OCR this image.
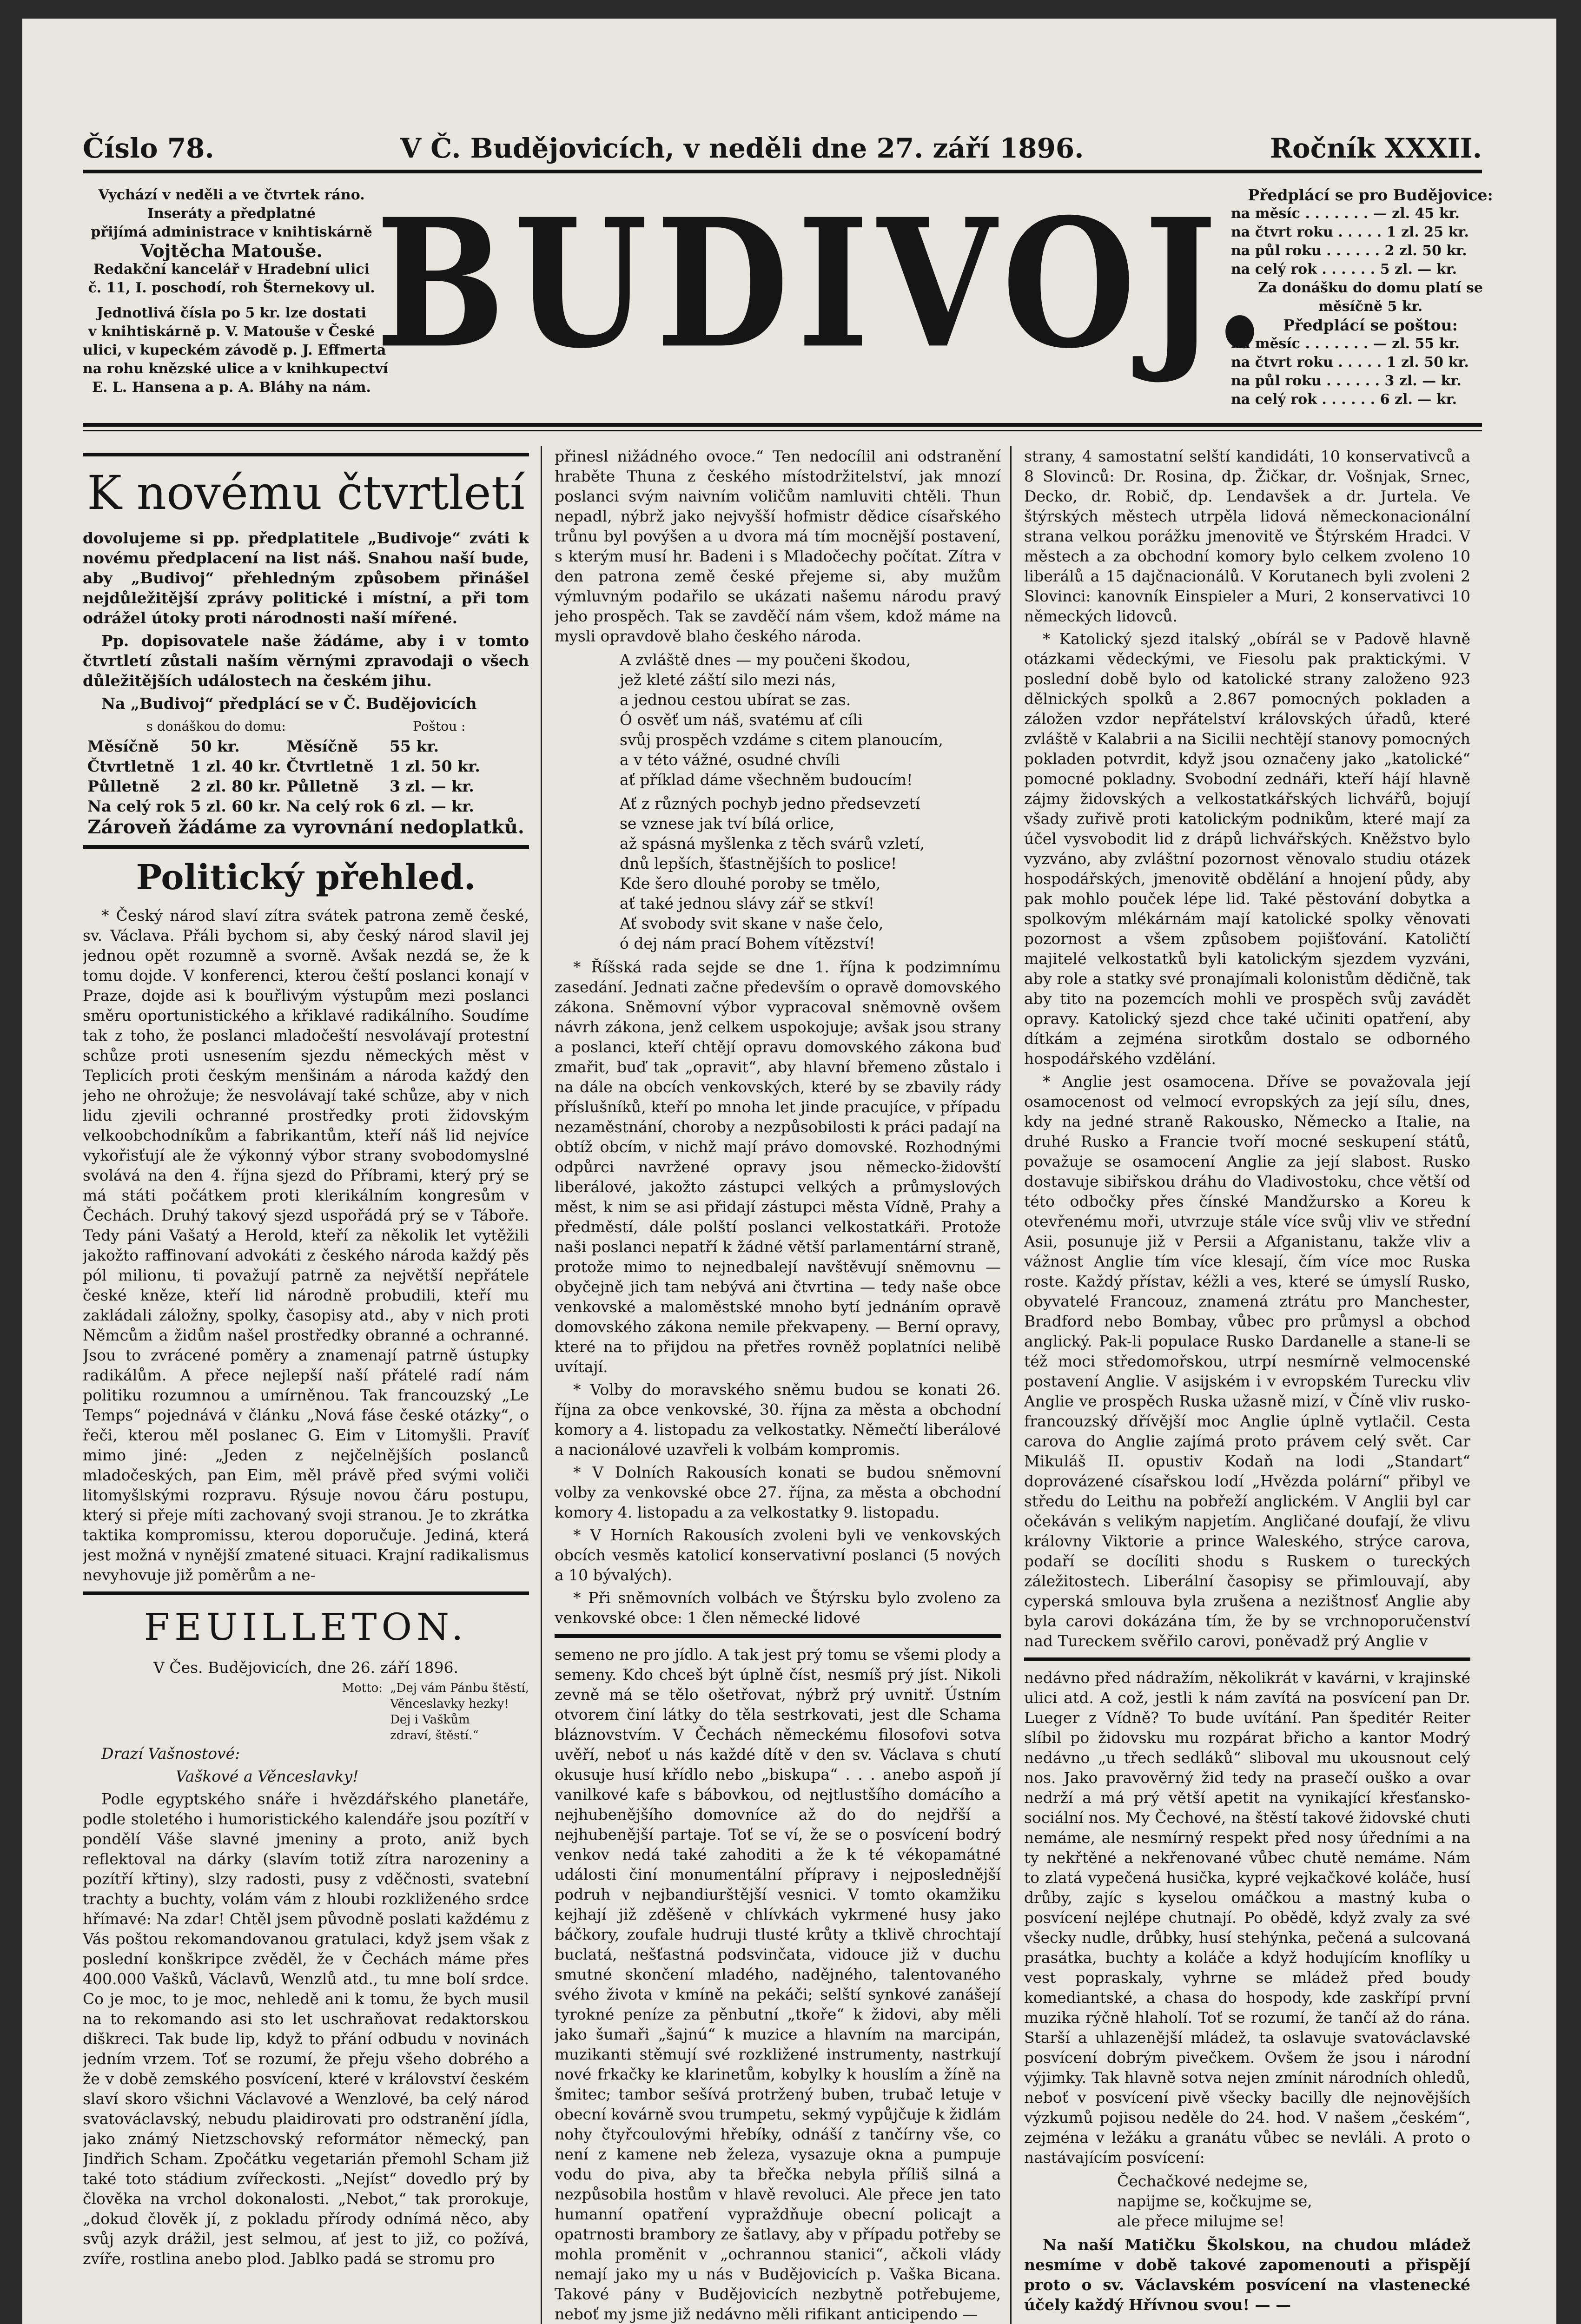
Číslo 78.	V Č. Budějovicích, v neděli dne 27. září 1896.	Ročník XXXII.
Vychází v neděli a ve čtvrtek ráno.
Inseráty a předplatné
přijímá administrace v knihtiskárně
Vojtěcha Matouše.
Redakční kancelář v Hradební ulici
č. 11, I. poschodí, roh Šternekovy ul.
Jednotlivá čísla po 5 kr. lze dostati
v knihtiskárně p. V. Matouše v České
ulici, v kupeckém závodě p. J. Effmerta
na rohu knězské ulice a v knihkupectví
E. L. Hansena a p. A. Bláhy na nám.
BUDIVOJ.
Předplácí se pro Budějovice:
na měsíc . . . . . . . — zl. 45 kr.
na čtvrt roku . . . . . 1 zl. 25 kr.
na půl roku . . . . . . 2 zl. 50 kr.
na celý rok . . . . . . 5 zl. — kr.
Za donášku do domu platí se
měsíčně 5 kr.
Předplácí se poštou:
na měsíc . . . . . . . — zl. 55 kr.
na čtvrt roku . . . . . 1 zl. 50 kr.
na půl roku . . . . . . 3 zl. — kr.
na celý rok . . . . . . 6 zl. — kr.
K novému čtvrtletí

dovolujeme si pp. předplatitele „Budivoje“ zváti k novému předplacení na list náš. Snahou naší bude, aby „Budivoj“ přehledným způsobem přinášel nejdůležitější zprávy politické i místní, a při tom odrážel útoky proti národnosti naší mířené.

Pp. dopisovatele naše žádáme, aby i v tomto čtvrtletí zůstali naším věrnými zpravodaji o všech důležitějších událostech na českém jihu.

Na „Budivoj“ předplácí se v Č. Budějovicích

s donáškou do domu:	Poštou :
Měsíčně	50 kr.	Měsíčně	55 kr.
Čtvrtletně	1 zl. 40 kr.	Čtvrtletně	1 zl. 50 kr.
Půlletně	2 zl. 80 kr.	Půlletně	3 zl. — kr.
Na celý rok	5 zl. 60 kr.	Na celý rok	6 zl. — kr.

Zároveň žádáme za vyrovnání nedoplatků.

Politický přehled.

* Český národ slaví zítra svátek patrona země české, sv. Václava. Přáli bychom si, aby český národ slavil jej jednou opět rozumně a svorně. Avšak nezdá se, že k tomu dojde. V konferenci, kterou čeští poslanci konají v Praze, dojde asi k bouřlivým výstupům mezi poslanci směru oportunistického a křiklavé radikálního. Soudíme tak z toho, že poslanci mladočeští nesvolávají protestní schůze proti usnesením sjezdu německých měst v Teplicích proti českým menšinám a národa každý den jeho ne ohrožuje; že nesvolávají také schůze, aby v nich lidu zjevili ochranné prostředky proti židovským velkoobchodníkům a fabrikantům, kteří náš lid nejvíce vykořisťují ale že výkonný výbor strany svobodomyslné svolává na den 4. října sjezd do Příbrami, který prý se má státi počátkem proti klerikálním kongresům v Čechách. Druhý takový sjezd uspořádá prý se v Táboře. Tedy páni Vašatý a Herold, kteří za několik let vytěžili jakožto raffinovaní advokáti z českého národa každý pěs pól milionu, ti považují patrně za největší nepřátele české kněze, kteří lid národně probudili, kteří mu zakládali záložny, spolky, časopisy atd., aby v nich proti Němcům a židům našel prostředky obranné a ochranné. Jsou to zvrácené poměry a znamenají patrně ústupky radikálům. A přece nejlepší naší přátelé radí nám politiku rozumnou a umírněnou. Tak francouzský „Le Temps“ pojednává v článku „Nová fáse české otázky“, o řeči, kterou měl poslanec G. Eim v Litomyšli. Pravíť mimo jiné: „Jeden z nejčelnějších poslanců mladočeských, pan Eim, měl právě před svými voliči litomyšlskými rozpravu. Rýsuje novou čáru postupu, který si přeje míti zachovaný svoji stranou. Je to zkrátka taktika kompromissu, kterou doporučuje. Jediná, která jest možná v nynější zmatené situaci. Krajní radikalismus nevyhovuje již poměrům a ne-

FEUILLETON.

V Čes. Budějovicích, dne 26. září 1896.

Motto: „Dej vám Pánbu štěstí,
Věnceslavky hezky!
Dej i Vaškům
zdraví, štěstí.“

Drazí Vašnostové:

Vaškové a Věnceslavky!

Podle egyptského snáře i hvězdářského planetáře, podle stoletého i humoristického kalendáře jsou pozítří v pondělí Váše slavné jmeniny a proto, aniž bych reflektoval na dárky (slavím totiž zítra narozeniny a pozítří křtiny), slzy radosti, pusy z vděčnosti, svatební trachty a buchty, volám vám z hloubi rozkliženého srdce hřímavé: Na zdar! Chtěl jsem původně poslati každému z Vás poštou rekomandovanou gratulaci, když jsem však z poslední konškripce zvěděl, že v Čechách máme přes 400.000 Vašků, Václavů, Wenzlů atd., tu mne bolí srdce. Co je moc, to je moc, nehledě ani k tomu, že bych musil na to rekomando asi sto let uschraňovat redaktorskou diškreci. Tak bude lip, když to přání odbudu v novinách jedním vrzem. Toť se rozumí, že přeju všeho dobrého a že v době zemského posvícení, které v království českém slaví skoro všichni Václavové a Wenzlové, ba celý národ svatováclavský, nebudu plaidirovati pro odstranění jídla, jako známý Nietzschovský reformátor německý, pan Jindřich Scham. Zpočátku vegetarián přemohl Scham již také toto stádium zvířeckosti. „Nejíst“ dovedlo prý by člověka na vrchol dokonalosti. „Nebot,“ tak prorokuje, „dokud člověk jí, z pokladu přírody odnímá něco, aby svůj azyk drážil, jest selmou, ať jest to již, co požívá, zvíře, rostlina anebo plod. Jablko padá se stromu pro

přinesl nižádného ovoce.“ Ten nedocílil ani odstranění hraběte Thuna z českého místodržitelství, jak mnozí poslanci svým naivním voličům namluviti chtěli. Thun nepadl, nýbrž jako nejvyšší hofmistr dědice císařského trůnu byl povýšen a u dvora má tím mocnější postavení, s kterým musí hr. Badeni i s Mladočechy počítat. Zítra v den patrona země české přejeme si, aby mužům výmluvným podařilo se ukázati našemu národu pravý jeho prospěch. Tak se zavděčí nám všem, kdož máme na mysli opravdově blaho českého národa.

A zvláště dnes — my poučeni škodou,
jež kleté záští silo mezi nás,
a jednou cestou ubírat se zas.
Ó osvěť um náš, svatému ať cíli
svůj prospěch vzdáme s citem planoucím,
a v této vážné, osudné chvíli
ať příklad dáme všechněm budoucím!
Ať z různých pochyb jedno předsevzetí
se vznese jak tví bílá orlice,
až spásná myšlenka z těch svárů vzletí,
dnů lepších, šťastnějších to poslice!
Kde šero dlouhé poroby se tmělo,
ať také jednou slávy zář se stkví!
Ať svobody svit skane v naše čelo,
ó dej nám prací Bohem vítězství!

* Říšská rada sejde se dne 1. října k podzimnímu zasedání. Jednati začne především o opravě domovského zákona. Sněmovní výbor vypracoval sněmovně ovšem návrh zákona, jenž celkem uspokojuje; avšak jsou strany a poslanci, kteří chtějí opravu domovského zákona buď zmařit, buď tak „opravit“, aby hlavní břemeno zůstalo i na dále na obcích venkovských, které by se zbavily rády příslušníků, kteří po mnoha let jinde pracujíce, v případu nezaměstnání, choroby a nezpůsobilosti k práci padají na obtíž obcím, v nichž mají právo domovské. Rozhodnými odpůrci navržené opravy jsou německo-židovští liberálové, jakožto zástupci velkých a průmyslových měst, k nim se asi přidají zástupci města Vídně, Prahy a předměstí, dále polští poslanci velkostatkáři. Protože naši poslanci nepatří k žádné větší parlamentární straně, protože mimo to nejnedbalejí navštěvují sněmovnu — obyčejně jich tam nebývá ani čtvrtina — tedy naše obce venkovské a maloměstské mnoho bytí jednáním opravě domovského zákona nemile překvapeny. — Berní opravy, které na to přijdou na přetřes rovněž poplatníci nelibě uvítají.

* Volby do moravského sněmu budou se konati 26. října za obce venkovské, 30. října za města a obchodní komory a 4. listopadu za velkostatky. Němečtí liberálové a nacionálové uzavřeli k volbám kompromis.

* V Dolních Rakousích konati se budou sněmovní volby za venkovské obce 27. října, za města a obchodní komory 4. listopadu a za velkostatky 9. listopadu.

* V Horních Rakousích zvoleni byli ve venkovských obcích vesměs katolicí konservativní poslanci (5 nových a 10 bývalých).

* Při sněmovních volbách ve Štýrsku bylo zvoleno za venkovské obce: 1 člen německé lidové

semeno ne pro jídlo. A tak jest prý tomu se všemi plody a semeny. Kdo chceš být úplně číst, nesmíš prý jíst. Nikoli zevně má se tělo ošetřovat, nýbrž prý uvnitř. Ústním otvorem činí látky do těla sestrkovati, jest dle Schama bláznovstvím. V Čechách německému filosofovi sotva uvěří, neboť u nás každé dítě v den sv. Václava s chutí okusuje husí křídlo nebo „biskupa“ . . . anebo aspoň jí vanilkové kafe s bábovkou, od nejtlustšího domácího a nejhubenějšího domovníce až do do nejdřší a nejhubenější partaje. Toť se ví, že se o posvícení bodrý venkov nedá také zahoditi a že k té vékopamátné události činí monumentální přípravy i nejposlednější podruh v nejbandiurštější vesnici. V tomto okamžiku kejhají již zděšeně v chlívkách vykrmené husy jako báčkory, zoufale hudruji tlusté krůty a tklivě chrochtají buclatá, nešťastná podsvinčata, vidouce již v duchu smutné skončení mladého, nadějného, talentovaného svého života v kmíně na pekáči; selští synkové zanášejí tyrokné peníze za pěnbutní „tkoře“ k židovi, aby měli jako šumaři „šajnú“ k muzice a hlavním na marcipán, muzikanti stěmují své rozkližené instrumenty, nastrkují nové frkačky ke klarinetům, kobylky k houslím a žíně na šmitec; tambor sešívá protržený buben, trubač letuje v obecní kovárně svou trumpetu, sekmý vypůjčuje k židlám nohy čtyřcoulovými hřebíky, odnáší z tančírny vše, co není z kamene neb železa, vysazuje okna a pumpuje vodu do piva, aby ta břečka nebyla příliš silná a nezpůsobila hostům v hlavě revoluci. Ale přece jen tato humanní opatření vypraždňuje obecní policajt a opatrnosti brambory ze šatlavy, aby v případu potřeby se mohla proměnit v „ochrannou stanici“, ačkoli vlády nemají jako my u nás v Budějovicích p. Vaška Bicana. Takové pány v Budějovicích nezbytně potřebujeme, neboť my jsme již nedávno měli rifikant anticipendo —

strany, 4 samostatní selští kandidáti, 10 konservativců a 8 Slovinců: Dr. Rosina, dp. Žičkar, dr. Vošnjak, Srnec, Decko, dr. Robič, dp. Lendavšek a dr. Jurtela. Ve štýrských městech utrpěla lidová německonacionální strana velkou porážku jmenovitě ve Štýrském Hradci. V městech a za obchodní komory bylo celkem zvoleno 10 liberálů a 15 dajčnacionálů. V Korutanech byli zvoleni 2 Slovinci: kanovník Einspieler a Muri, 2 konservativci 10 německých lidovců.

* Katolický sjezd italský „obírál se v Padově hlavně otázkami vědeckými, ve Fiesolu pak praktickými. V poslední době bylo od katolické strany založeno 923 dělnických spolků a 2.867 pomocných pokladen a záložen vzdor nepřátelství královských úřadů, které zvláště v Kalabrii a na Sicilii nechtějí stanovy pomocných pokladen potvrdit, když jsou označeny jako „katolické“ pomocné pokladny. Svobodní zednáři, kteří hájí hlavně zájmy židovských a velkostatkářských lichvářů, bojují všady zuřivě proti katolickým podnikům, které mají za účel vysvobodit lid z drápů lichvářských. Kněžstvo bylo vyzváno, aby zvláštní pozornost věnovalo studiu otázek hospodářských, jmenovitě obdělání a hnojení půdy, aby pak mohlo pouček lépe lid. Také pěstování dobytka a spolkovým mlékárnám mají katolické spolky věnovati pozornost a všem způsobem pojišťování. Katoličtí majitelé velkostatků byli katolickým sjezdem vyzváni, aby role a statky své pronajímali kolonistům dědičně, tak aby tito na pozemcích mohli ve prospěch svůj zavádět opravy. Katolický sjezd chce také učiniti opatření, aby dítkám a zejména sirotkům dostalo se odborného hospodářského vzdělání.

* Anglie jest osamocena. Dříve se považovala její osamocenost od velmocí evropských za její sílu, dnes, kdy na jedné straně Rakousko, Německo a Italie, na druhé Rusko a Francie tvoří mocné seskupení států, považuje se osamocení Anglie za její slabost. Rusko dostavuje sibiřskou dráhu do Vladivostoku, chce větší od této odbočky přes čínské Mandžursko a Koreu k otevřenému moři, utvrzuje stále více svůj vliv ve střední Asii, posunuje již v Persii a Afganistanu, takže vliv a vážnost Anglie tím více klesají, čím více moc Ruska roste. Každý přístav, kéžli a ves, které se úmyslí Rusko, obyvatelé Francouz, znamená ztrátu pro Manchester, Bradford nebo Bombay, vůbec pro průmysl a obchod anglický. Pak-li populace Rusko Dardanelle a stane-li se též moci středomořskou, utrpí nesmírně velmocenské postavení Anglie. V asijském i v evropském Turecku vliv Anglie ve prospěch Ruska užasně mizí, v Číně vliv rusko-francouzský dřívější moc Anglie úplně vytlačil. Cesta carova do Anglie zajímá proto právem celý svět. Car Mikuláš II. opustiv Kodaň na lodi „Standart“ doprovázené císařskou lodí „Hvězda polární“ přibyl ve středu do Leithu na pobřeží anglickém. V Anglii byl car očekáván s velikým napjetím. Angličané doufají, že vlivu královny Viktorie a prince Waleského, strýce carova, podaří se docíliti shodu s Ruskem o tureckých záležitostech. Liberální časopisy se přimlouvají, aby cyperská smlouva byla zrušena a nezištnosť Anglie aby byla carovi dokázána tím, že by se vrchnoporučenství nad Tureckem svěřilo carovi, poněvadž prý Anglie v

nedávno před nádražím, několikrát v kavárni, v krajinské ulici atd. A což, jestli k nám zavítá na posvícení pan Dr. Lueger z Vídně? To bude uvítání. Pan špeditér Reiter slíbil po židovsku mu rozpárat břicho a kantor Modrý nedávno „u třech sedláků“ sliboval mu ukousnout celý nos. Jako pravověrný žid tedy na prasečí ouško a ovar nedrží a má prý větší apetit na vynikající křesťansko-sociální nos. My Čechové, na štěstí takové židovské chuti nemáme, ale nesmírný respekt před nosy úředními a na ty nekřtěné a nekřenované vůbec chutě nemáme. Nám to zlatá vypečená husička, kypré vejkačkové koláče, husí drůby, zajíc s kyselou omáčkou a mastný kuba o posvícení nejlépe chutnají. Po obědě, když zvaly za své všecky nudle, drůbky, husí stehýnka, pečená a sulcovaná prasátka, buchty a koláče a když hodujícím knoflíky u vest popraskaly, vyhrne se mládež před boudy komediantské, a chasa do hospody, kde zaskřípí první muzika rýčně hlaholí. Toť se rozumí, že tančí až do rána. Starší a uhlazenější mládež, ta oslavuje svatováclavské posvícení dobrým pivečkem. Ovšem že jsou i národní výjimky. Tak hlavně sotva nejen zmínit národních ohledů, neboť v posvícení pivě všecky bacilly dle nejnovějších výzkumů pojisou neděle do 24. hod. V našem „českém“, zejména v ležáku a granátu vůbec se nevláli. A proto o nastávajícím posvícení:

Čechačkové nedejme se,
napijme se, kočkujme se,
ale přece milujme se!

Na naší Matičku Školskou, na chudou mládež nesmíme v době takové zapomenouti a přispějí proto o sv. Václavském posvícení na vlastenecké účely každý Hřívnou svou! — —
